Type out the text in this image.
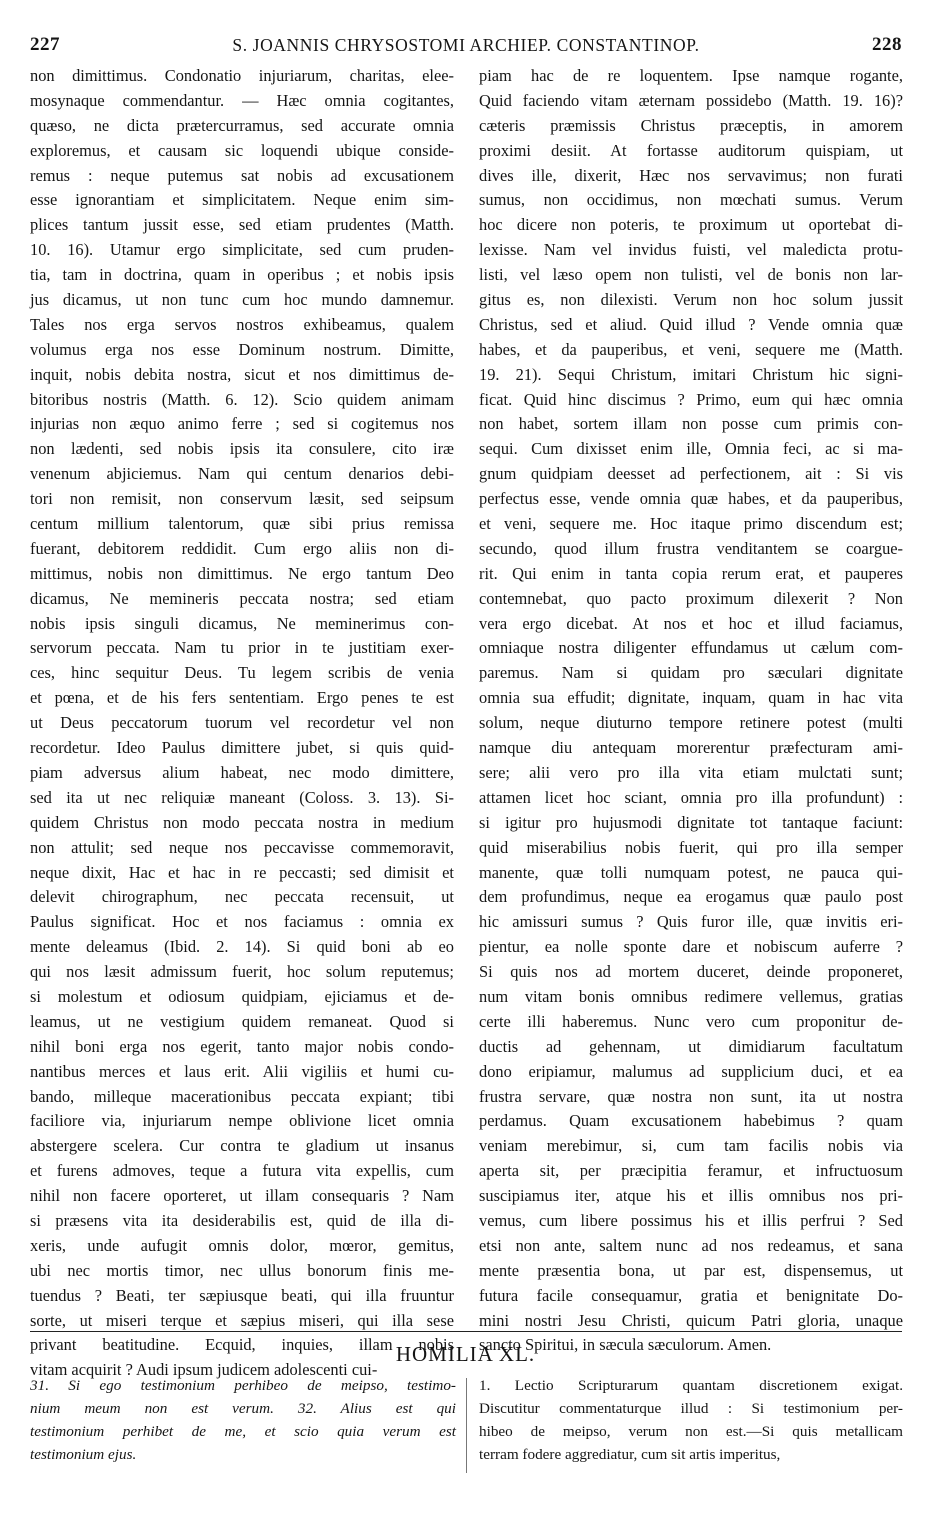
227	S. JOANNIS CHRYSOSTOMI ARCHIEP. CONSTANTINOP.	228
non dimittimus. Condonatio injuriarum, charitas, elee-
mosynaque commendantur. — Hæc omnia cogitantes,
quæso, ne dicta prætercurramus, sed accurate omnia
exploremus, et causam sic loquendi ubique conside-
remus : neque putemus sat nobis ad excusationem
esse ignorantiam et simplicitatem. Neque enim sim-
plices tantum jussit esse, sed etiam prudentes (Matth.
10. 16). Utamur ergo simplicitate, sed cum pruden-
tia, tam in doctrina, quam in operibus ; et nobis ipsis
jus dicamus, ut non tunc cum hoc mundo damnemur.
Tales nos erga servos nostros exhibeamus, qualem
volumus erga nos esse Dominum nostrum. Dimitte,
inquit, nobis debita nostra, sicut et nos dimittimus de-
bitoribus nostris (Matth. 6. 12). Scio quidem animam
injurias non æquo animo ferre ; sed si cogitemus nos
non lædenti, sed nobis ipsis ita consulere, cito iræ
venenum abjiciemus. Nam qui centum denarios debi-
tori non remisit, non conservum læsit, sed seipsum
centum millium talentorum, quæ sibi prius remissa
fuerant, debitorem reddidit. Cum ergo aliis non di-
mittimus, nobis non dimittimus. Ne ergo tantum Deo
dicamus, Ne memineris peccata nostra; sed etiam
nobis ipsis singuli dicamus, Ne meminerimus con-
servorum peccata. Nam tu prior in te justitiam exer-
ces, hinc sequitur Deus. Tu legem scribis de venia
et pœna, et de his fers sententiam. Ergo penes te est
ut Deus peccatorum tuorum vel recordetur vel non
recordetur. Ideo Paulus dimittere jubet, si quis quid-
piam adversus alium habeat, nec modo dimittere,
sed ita ut nec reliquiæ maneant (Coloss. 3. 13). Si-
quidem Christus non modo peccata nostra in medium
non attulit; sed neque nos peccavisse commemoravit,
neque dixit, Hac et hac in re peccasti; sed dimisit et
delevit chirographum, nec peccata recensuit, ut
Paulus significat. Hoc et nos faciamus : omnia ex
mente deleamus (Ibid. 2. 14). Si quid boni ab eo
qui nos læsit admissum fuerit, hoc solum reputemus;
si molestum et odiosum quidpiam, ejiciamus et de-
leamus, ut ne vestigium quidem remaneat. Quod si
nihil boni erga nos egerit, tanto major nobis condo-
nantibus merces et laus erit. Alii vigiliis et humi cu-
bando, milleque macerationibus peccata expiant; tibi
faciliore via, injuriarum nempe oblivione licet omnia
abstergere scelera. Cur contra te gladium ut insanus
et furens admoves, teque a futura vita expellis, cum
nihil non facere oporteret, ut illam consequaris ? Nam
si præsens vita ita desiderabilis est, quid de illa di-
xeris, unde aufugit omnis dolor, mœror, gemitus,
ubi nec mortis timor, nec ullus bonorum finis me-
tuendus ? Beati, ter sæpiusque beati, qui illa fruuntur
sorte, ut miseri terque et sæpius miseri, qui illa sese
privant beatitudine. Ecquid, inquies, illam nobis
vitam acquirit ? Audi ipsum judicem adolescenti cui-
piam hac de re loquentem. Ipse namque rogante,
Quid faciendo vitam æternam possidebo (Matth. 19. 16)?
cæteris præmissis Christus præceptis, in amorem
proximi desiit. At fortasse auditorum quispiam, ut
dives ille, dixerit, Hæc nos servavimus; non furati
sumus, non occidimus, non mœchati sumus. Verum
hoc dicere non poteris, te proximum ut oportebat di-
lexisse. Nam vel invidus fuisti, vel maledicta protu-
listi, vel læso opem non tulisti, vel de bonis non lar-
gitus es, non dilexisti. Verum non hoc solum jussit
Christus, sed et aliud. Quid illud ? Vende omnia quæ
habes, et da pauperibus, et veni, sequere me (Matth.
19. 21). Sequi Christum, imitari Christum hic signi-
ficat. Quid hinc discimus ? Primo, eum qui hæc omnia
non habet, sortem illam non posse cum primis con-
sequi. Cum dixisset enim ille, Omnia feci, ac si ma-
gnum quidpiam deesset ad perfectionem, ait : Si vis
perfectus esse, vende omnia quæ habes, et da pauperibus,
et veni, sequere me. Hoc itaque primo discendum est;
secundo, quod illum frustra venditantem se coargue-
rit. Qui enim in tanta copia rerum erat, et pauperes
contemnebat, quo pacto proximum dilexerit ? Non
vera ergo dicebat. At nos et hoc et illud faciamus,
omniaque nostra diligenter effundamus ut cælum com-
paremus. Nam si quidam pro sæculari dignitate
omnia sua effudit; dignitate, inquam, quam in hac vita
solum, neque diuturno tempore retinere potest (multi
namque diu antequam morerentur præfecturam ami-
sere; alii vero pro illa vita etiam mulctati sunt;
attamen licet hoc sciant, omnia pro illa profundunt) :
si igitur pro hujusmodi dignitate tot tantaque faciunt:
quid miserabilius nobis fuerit, qui pro illa semper
manente, quæ tolli numquam potest, ne pauca qui-
dem profundimus, neque ea erogamus quæ paulo post
hic amissuri sumus ? Quis furor ille, quæ invitis eri-
pientur, ea nolle sponte dare et nobiscum auferre ?
Si quis nos ad mortem duceret, deinde proponeret,
num vitam bonis omnibus redimere vellemus, gratias
certe illi haberemus. Nunc vero cum proponitur de-
ductis ad gehennam, ut dimidiarum facultatum
dono eripiamur, malumus ad supplicium duci, et ea
frustra servare, quæ nostra non sunt, ita ut nostra
perdamus. Quam excusationem habebimus ? quam
veniam merebimur, si, cum tam facilis nobis via
aperta sit, per præcipitia feramur, et infructuosum
suscipiamus iter, atque his et illis omnibus nos pri-
vemus, cum libere possimus his et illis perfrui ? Sed
etsi non ante, saltem nunc ad nos redeamus, et sana
mente præsentia bona, ut par est, dispensemus, ut
futura facile consequamur, gratia et benignitate Do-
mini nostri Jesu Christi, quicum Patri gloria, unaque
sancto Spiritui, in sæcula sæculorum. Amen.
HOMILIA XL.
31. Si ego testimonium perhibeo de meipso, testimo-
nium meum non est verum. 32. Alius est qui
testimonium perhibet de me, et scio quia verum est
testimonium ejus.
1. Lectio Scripturarum quantam discretionem exigat.
Discutitur commentaturque illud : Si testimonium per-
hibeo de meipso, verum non est.—Si quis metallicam
terram fodere aggrediatur, cum sit artis imperitus,
